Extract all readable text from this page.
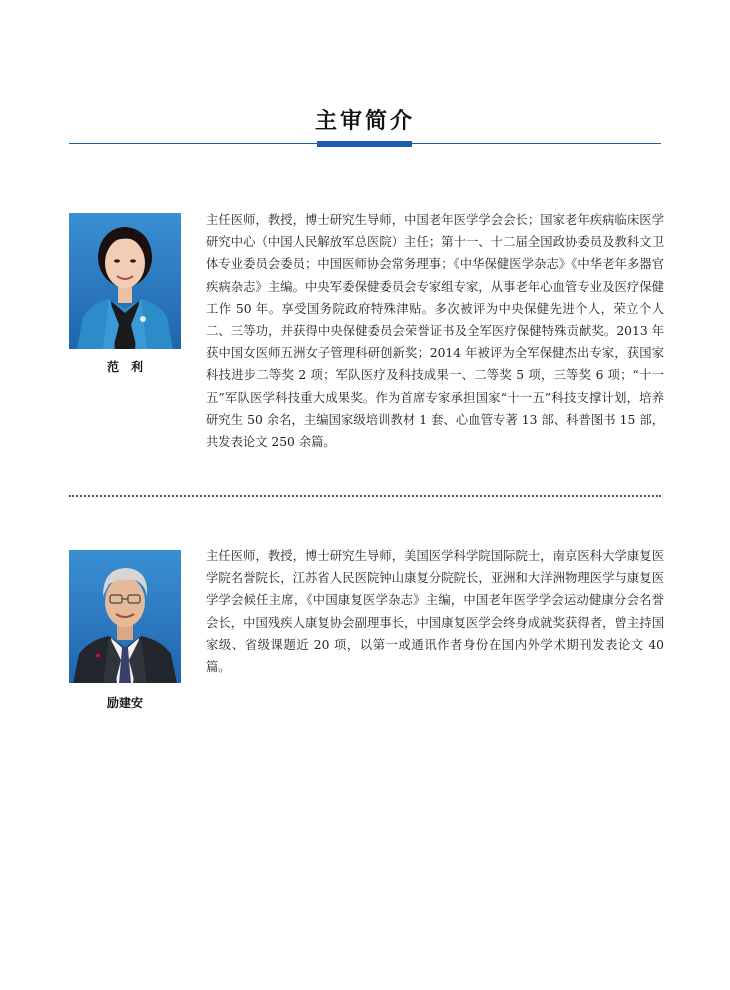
主审简介
范　利

主任医师，教授，博士研究生导师，中国老年医学学会会长；国家老年疾病临床医学研究中心（中国人民解放军总医院）主任；第十一、十二届全国政协委员及教科文卫体专业委员会委员；中国医师协会常务理事；《中华保健医学杂志》《中华老年多器官疾病杂志》主编。中央军委保健委员会专家组专家，从事老年心血管专业及医疗保健工作 50 年。享受国务院政府特殊津贴。多次被评为中央保健先进个人，荣立个人二、三等功，并获得中央保健委员会荣誉证书及全军医疗保健特殊贡献奖。2013 年获中国女医师五洲女子管理科研创新奖；2014 年被评为全军保健杰出专家，获国家科技进步二等奖 2 项；军队医疗及科技成果一、二等奖 5 项，三等奖 6 项；“十一五”军队医学科技重大成果奖。作为首席专家承担国家“十一五”科技支撑计划，培养研究生 50 余名，主编国家级培训教材 1 套、心血管专著 13 部、科普图书 15 部，共发表论文 250 余篇。

励建安

主任医师，教授，博士研究生导师，美国医学科学院国际院士，南京医科大学康复医学院名誉院长，江苏省人民医院钟山康复分院院长，亚洲和大洋洲物理医学与康复医学学会候任主席，《中国康复医学杂志》主编，中国老年医学学会运动健康分会名誉会长，中国残疾人康复协会副理事长，中国康复医学会终身成就奖获得者，曾主持国家级、省级课题近 20 项，以第一或通讯作者身份在国内外学术期刊发表论文 40 篇。
